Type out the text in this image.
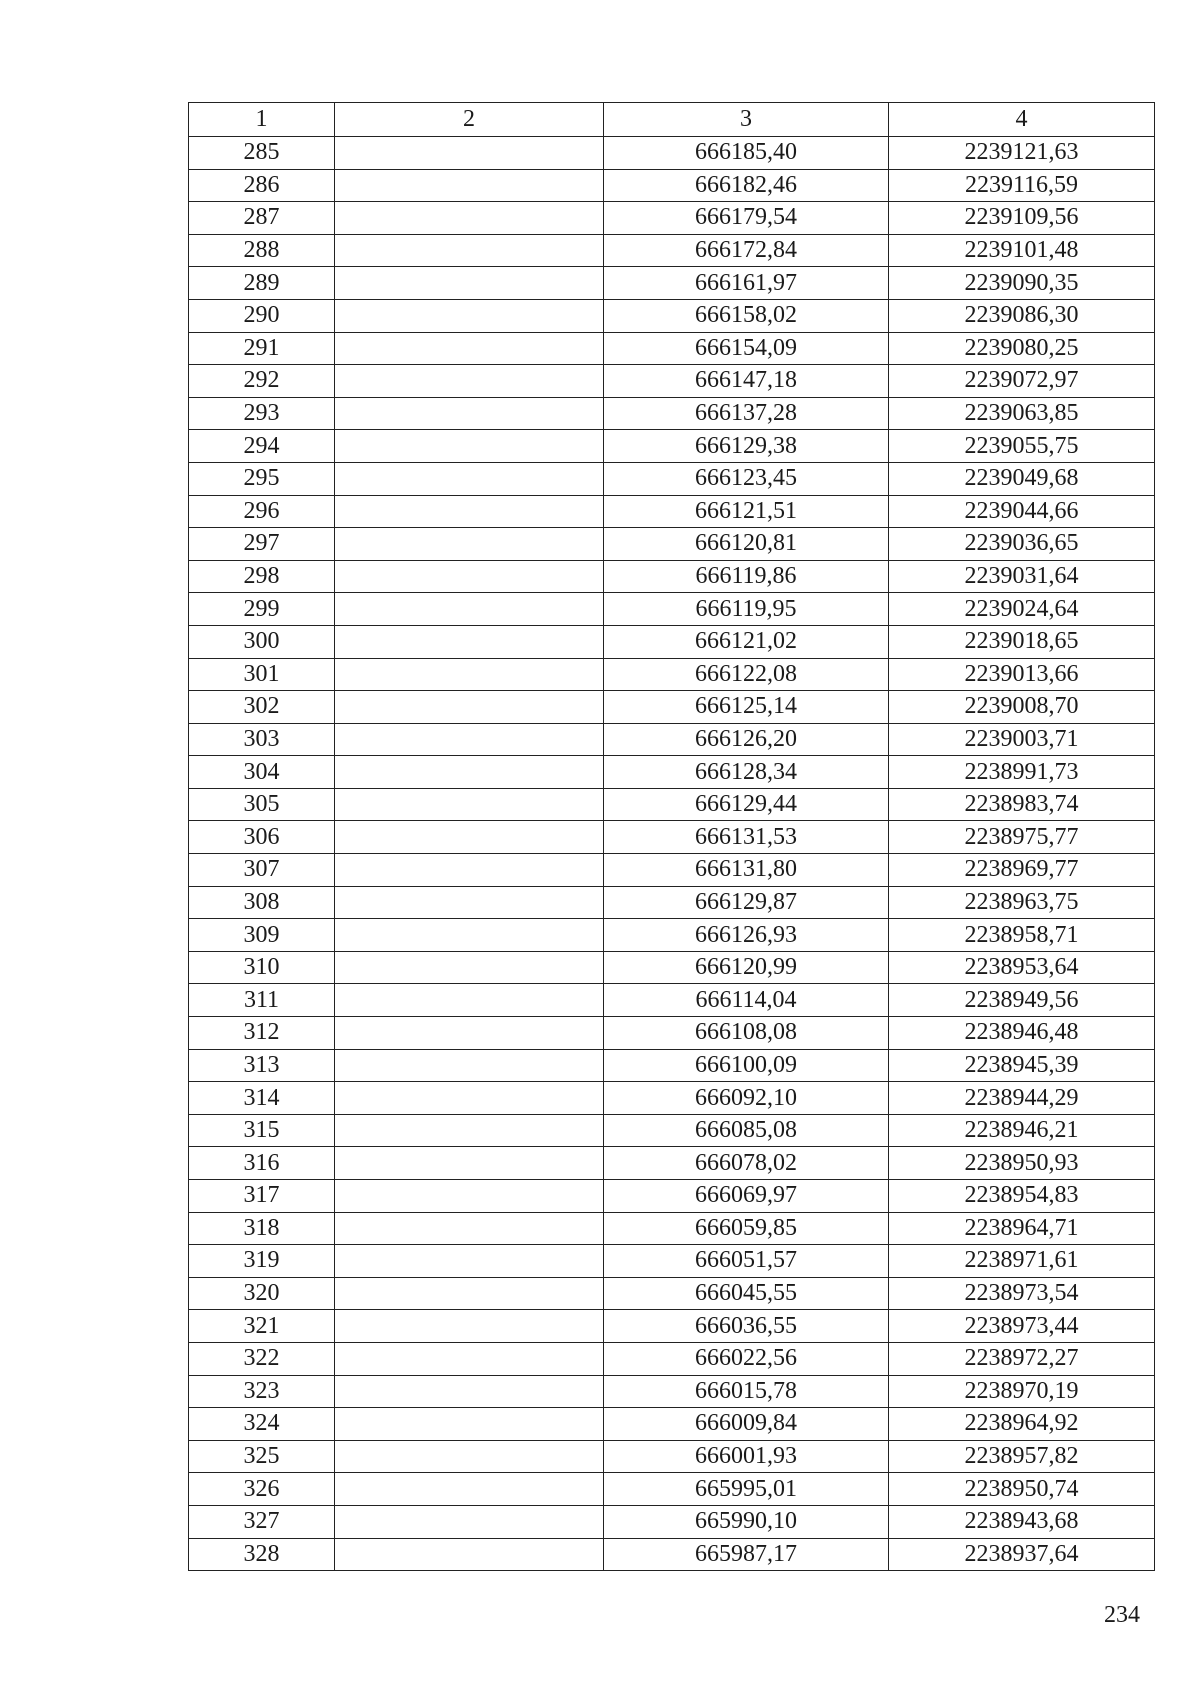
1	2	3	4
285		666185,40	2239121,63
286		666182,46	2239116,59
287		666179,54	2239109,56
288		666172,84	2239101,48
289		666161,97	2239090,35
290		666158,02	2239086,30
291		666154,09	2239080,25
292		666147,18	2239072,97
293		666137,28	2239063,85
294		666129,38	2239055,75
295		666123,45	2239049,68
296		666121,51	2239044,66
297		666120,81	2239036,65
298		666119,86	2239031,64
299		666119,95	2239024,64
300		666121,02	2239018,65
301		666122,08	2239013,66
302		666125,14	2239008,70
303		666126,20	2239003,71
304		666128,34	2238991,73
305		666129,44	2238983,74
306		666131,53	2238975,77
307		666131,80	2238969,77
308		666129,87	2238963,75
309		666126,93	2238958,71
310		666120,99	2238953,64
311		666114,04	2238949,56
312		666108,08	2238946,48
313		666100,09	2238945,39
314		666092,10	2238944,29
315		666085,08	2238946,21
316		666078,02	2238950,93
317		666069,97	2238954,83
318		666059,85	2238964,71
319		666051,57	2238971,61
320		666045,55	2238973,54
321		666036,55	2238973,44
322		666022,56	2238972,27
323		666015,78	2238970,19
324		666009,84	2238964,92
325		666001,93	2238957,82
326		665995,01	2238950,74
327		665990,10	2238943,68
328		665987,17	2238937,64
234
